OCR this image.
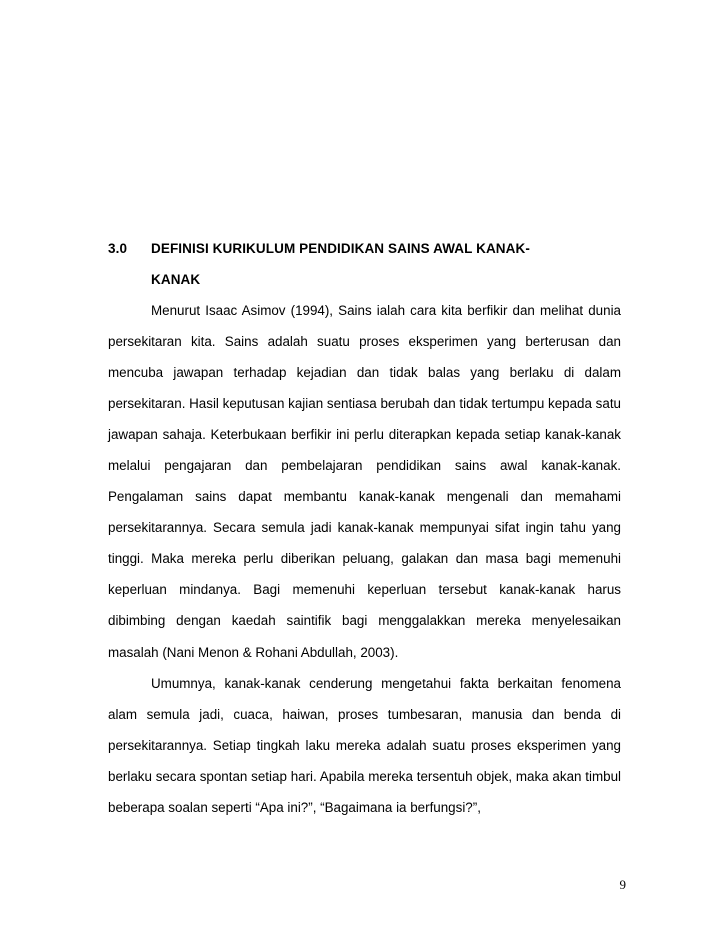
3.0 DEFINISI KURIKULUM PENDIDIKAN SAINS AWAL KANAK-
KANAK

Menurut Isaac Asimov (1994), Sains ialah cara kita berfikir dan melihat dunia persekitaran kita. Sains adalah suatu proses eksperimen yang berterusan dan mencuba jawapan terhadap kejadian dan tidak balas yang berlaku di dalam persekitaran. Hasil keputusan kajian sentiasa berubah dan tidak tertumpu kepada satu jawapan sahaja. Keterbukaan berfikir ini perlu diterapkan kepada setiap kanak-kanak melalui pengajaran dan pembelajaran pendidikan sains awal kanak-kanak. Pengalaman sains dapat membantu kanak-kanak mengenali dan memahami persekitarannya. Secara semula jadi kanak-kanak mempunyai sifat ingin tahu yang tinggi. Maka mereka perlu diberikan peluang, galakan dan masa bagi memenuhi keperluan mindanya. Bagi memenuhi keperluan tersebut kanak-kanak harus dibimbing dengan kaedah saintifik bagi menggalakkan mereka menyelesaikan masalah (Nani Menon & Rohani Abdullah, 2003).

Umumnya, kanak-kanak cenderung mengetahui fakta berkaitan fenomena alam semula jadi, cuaca, haiwan, proses tumbesaran, manusia dan benda di persekitarannya. Setiap tingkah laku mereka adalah suatu proses eksperimen yang berlaku secara spontan setiap hari. Apabila mereka tersentuh objek, maka akan timbul beberapa soalan seperti “Apa ini?”, “Bagaimana ia berfungsi?”,

9
